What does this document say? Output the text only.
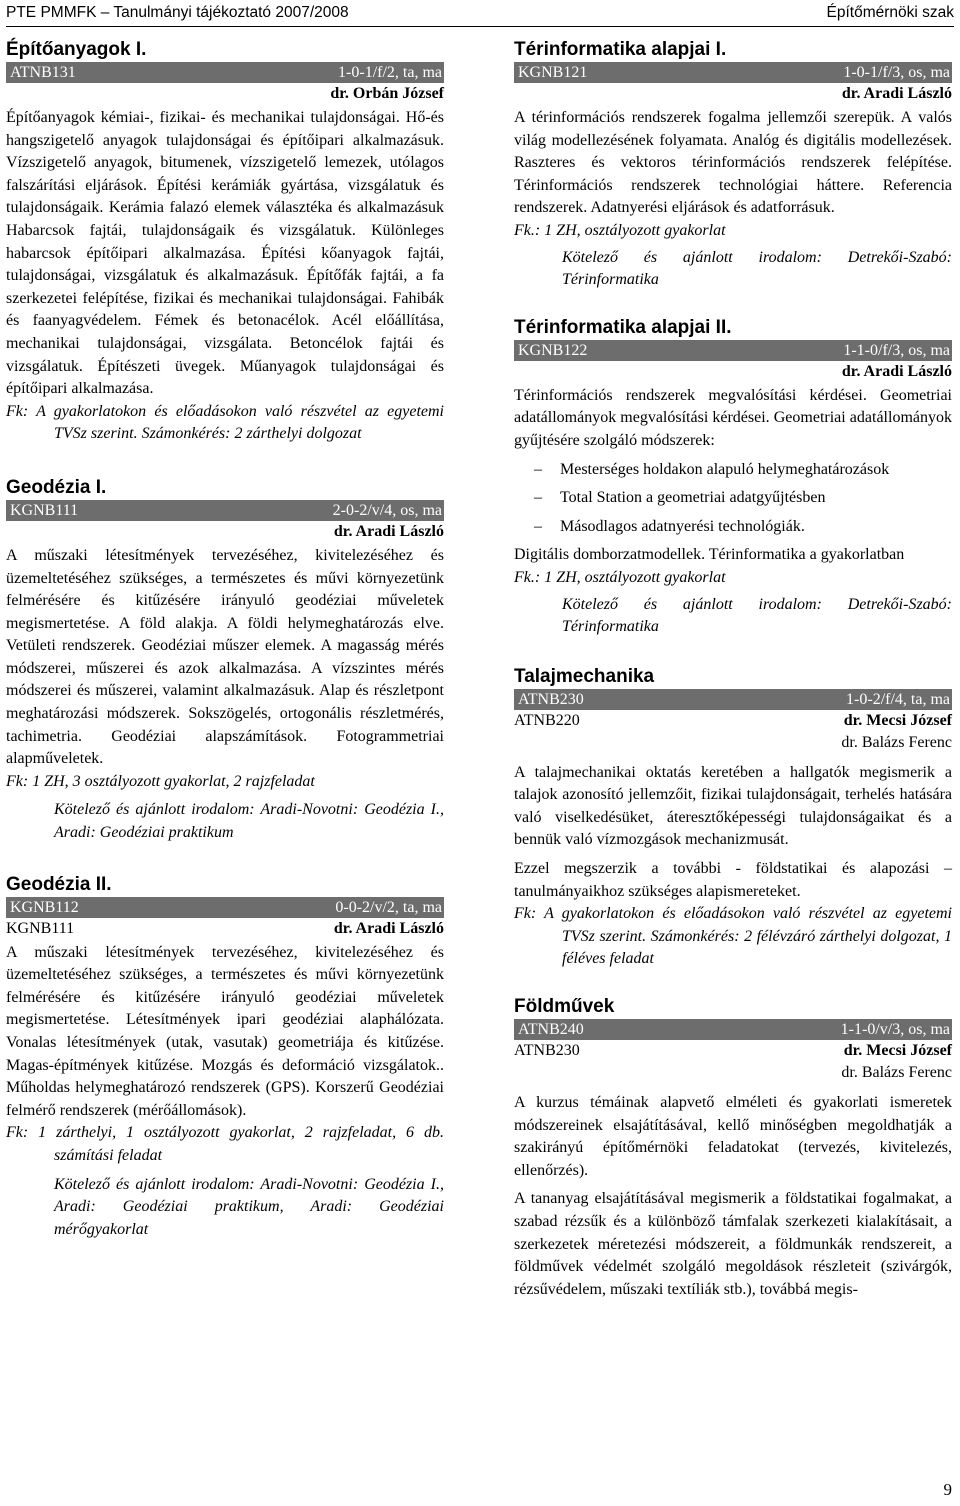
PTE PMMFK – Tanulmányi tájékoztató 2007/2008	Építőmérnöki szak
Építőanyagok I.
ATNB131	1-0-1/f/2, ta, ma
dr. Orbán József

Építőanyagok kémiai-, fizikai- és mechanikai tulajdonságai. Hő-és hangszigetelő anyagok tulajdonságai és építőipari alkalmazásuk. Vízszigetelő anyagok, bitumenek, vízszigetelő lemezek, utólagos falszárítási eljárások. Építési kerámiák gyártása, vizsgálatuk és tulajdonságaik. Kerámia falazó elemek választéka és alkalmazásuk Habarcsok fajtái, tulajdonságaik és vizsgálatuk. Különleges habarcsok építőipari alkalmazása. Építési kőanyagok fajtái, tulajdonságai, vizsgálatuk és alkalmazásuk. Építőfák fajtái, a fa szerkezetei felépítése, fizikai és mechanikai tulajdonságai. Fahibák és faanyagvédelem. Fémek és betonacélok. Acél előállítása, mechanikai tulajdonságai, vizsgálata. Betoncélok fajtái és vizsgálatuk. Építészeti üvegek. Műanyagok tulajdonságai és építőipari alkalmazása.

Fk: A gyakorlatokon és előadásokon való részvétel az egyetemi TVSz szerint. Számonkérés: 2 zárthelyi dolgozat
Geodézia I.
KGNB111	2-0-2/v/4, os, ma
dr. Aradi László

A műszaki létesítmények tervezéséhez, kivitelezéséhez és üzemeltetéséhez szükséges, a természetes és művi környezetünk felmérésére és kitűzésére irányuló geodéziai műveletek megismertetése. A föld alakja. A földi helymeghatározás elve. Vetületi rendszerek. Geodéziai műszer elemek. A magasság mérés módszerei, műszerei és azok alkalmazása. A vízszintes mérés módszerei és műszerei, valamint alkalmazásuk. Alap és részletpont meghatározási módszerek. Sokszögelés, ortogonális részletmérés, tachimetria. Geodéziai alapszámítások. Fotogrammetriai alapműveletek.

Fk: 1 ZH, 3 osztályozott gyakorlat, 2 rajzfeladat
Kötelező és ajánlott irodalom: Aradi-Novotni: Geodézia I., Aradi: Geodéziai praktikum
Geodézia II.
KGNB112	0-0-2/v/2, ta, ma
KGNB111	dr. Aradi László

A műszaki létesítmények tervezéséhez, kivitelezéséhez és üzemeltetéséhez szükséges, a természetes és művi környezetünk felmérésére és kitűzésére irányuló geodéziai műveletek megismertetése. Létesítmények ipari geodéziai alaphálózata. Vonalas létesítmények (utak, vasutak) geometriája és kitűzése. Magas-építmények kitűzése. Mozgás és deformáció vizsgálatok.. Műholdas helymeghatározó rendszerek (GPS). Korszerű Geodéziai felmérő rendszerek (mérőállomások).

Fk: 1 zárthelyi, 1 osztályozott gyakorlat, 2 rajzfeladat, 6 db. számítási feladat
Kötelező és ajánlott irodalom: Aradi-Novotni: Geodézia I., Aradi: Geodéziai praktikum, Aradi: Geodéziai mérőgyakorlat
Térinformatika alapjai I.
KGNB121	1-0-1/f/3, os, ma
dr. Aradi László

A térinformációs rendszerek fogalma jellemzői szerepük. A valós világ modellezésének folyamata. Analóg és digitális modellezések. Raszteres és vektoros térinformációs rendszerek felépítése. Térinformációs rendszerek technológiai háttere. Referencia rendszerek. Adatnyerési eljárások és adatforrásuk.

Fk.: 1 ZH, osztályozott gyakorlat
Kötelező és ajánlott irodalom: Detrekői-Szabó: Térinformatika
Térinformatika alapjai II.
KGNB122	1-1-0/f/3, os, ma
dr. Aradi László

Térinformációs rendszerek megvalósítási kérdései. Geometriai adatállományok megvalósítási kérdései. Geometriai adatállományok gyűjtésére szolgáló módszerek:

– Mesterséges holdakon alapuló helymeghatározások
– Total Station a geometriai adatgyűjtésben
– Másodlagos adatnyerési technológiák.

Digitális domborzatmodellek. Térinformatika a gyakorlatban

Fk.: 1 ZH, osztályozott gyakorlat
Kötelező és ajánlott irodalom: Detrekői-Szabó: Térinformatika
Talajmechanika
ATNB230	1-0-2/f/4, ta, ma
ATNB220	dr. Mecsi József
dr. Balázs Ferenc

A talajmechanikai oktatás keretében a hallgatók megismerik a talajok azonosító jellemzőit, fizikai tulajdonságait, terhelés hatására való viselkedésüket, áteresztőképességi tulajdonságaikat és a bennük való vízmozgások mechanizmusát.

Ezzel megszerzik a további - földstatikai és alapozási – tanulmányaikhoz szükséges alapismereteket.

Fk: A gyakorlatokon és előadásokon való részvétel az egyetemi TVSz szerint. Számonkérés: 2 félévzáró zárthelyi dolgozat, 1 féléves feladat
Földművek
ATNB240	1-1-0/v/3, os, ma
ATNB230	dr. Mecsi József
dr. Balázs Ferenc

A kurzus témáinak alapvető elméleti és gyakorlati ismeretek módszereinek elsajátításával, kellő minőségben megoldhatják a szakirányú építőmérnöki feladatokat (tervezés, kivitelezés, ellenőrzés).

A tananyag elsajátításával megismerik a földstatikai fogalmakat, a szabad rézsűk és a különböző támfalak szerkezeti kialakításait, a szerkezetek méretezési módszereit, a földmunkák rendszereit, a földművek védelmét szolgáló megoldások részleteit (szivárgók, rézsűvédelem, műszaki textíliák stb.), továbbá megis-

9
